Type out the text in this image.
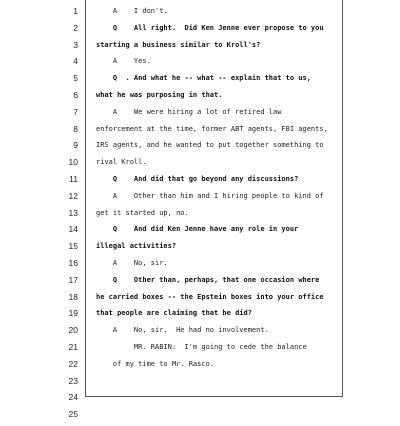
1	A    I don't.
2	Q    All right.  Did Ken Jenne ever propose to you
3	starting a business similar to Kroll's?
4	A    Yes.
5	Q  . And what he -- what -- explain that to us,
6	what he was purposing in that.
7	A    We were hiring a lot of retired law
8	enforcement at the time, former ABT agents, FBI agents,
9	IRS agents, and he wanted to put together something to
10	rival Kroll.
11	Q    And did that go beyond any discussions?
12	A    Other than him and I hiring people to kind of
13	get it started up, no.
14	Q    And did Ken Jenne have any role in your
15	illegal activities?
16	A    No, sir.
17	Q    Other than, perhaps, that one occasion where
18	he carried boxes -- the Epstein boxes into your office
19	that people are claiming that he did?
20	A    No, sir.  He had no involvement.
21	MR. RABIN:  I'm going to cede the balance
22	of my time to Mr. Rasco.
23
24
25
